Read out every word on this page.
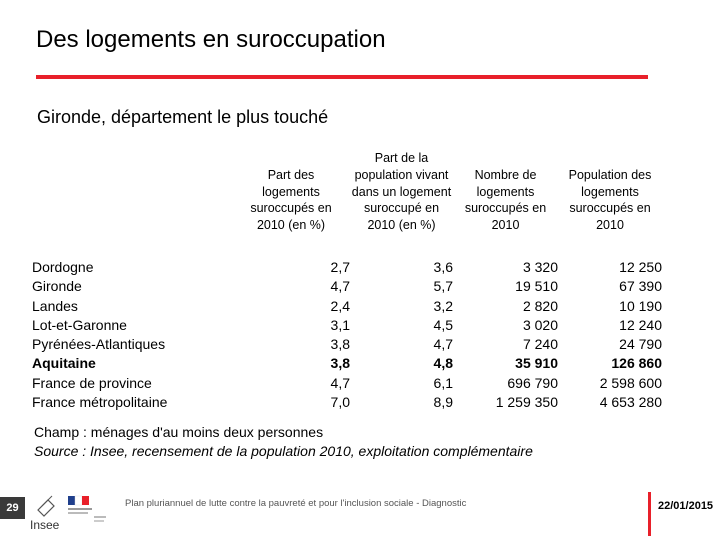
Des logements en suroccupation
Gironde, département le plus touché
	Part des logements suroccupés en 2010 (en %)	Part de la population vivant dans un logement suroccupé en 2010 (en %)	Nombre de logements suroccupés en 2010	Population des logements suroccupés en 2010
Dordogne	2,7	3,6	3 320	12 250
Gironde	4,7	5,7	19 510	67 390
Landes	2,4	3,2	2 820	10 190
Lot-et-Garonne	3,1	4,5	3 020	12 240
Pyrénées-Atlantiques	3,8	4,7	7 240	24 790
Aquitaine	3,8	4,8	35 910	126 860
France de province	4,7	6,1	696 790	2 598 600
France métropolitaine	7,0	8,9	1 259 350	4 653 280
Champ : ménages d'au moins deux personnes
Source : Insee, recensement de la population 2010, exploitation complémentaire
29
Insee
Plan pluriannuel de lutte contre la pauvreté et pour l'inclusion sociale - Diagnostic	22/01/2015
